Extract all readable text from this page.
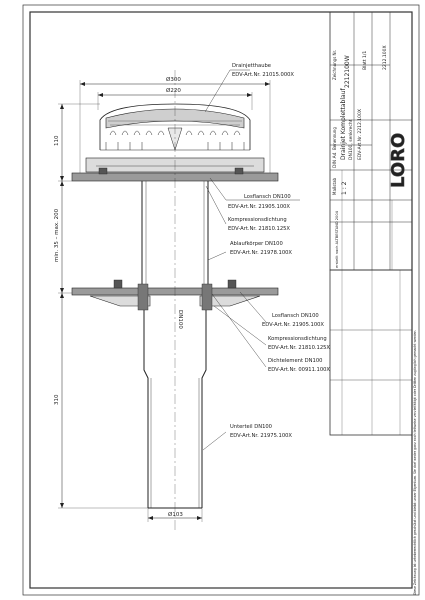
Diese Zeichnung ist urheberrechtlich geschützt und bleibt unser Eigentum. Sie darf weder ganz noch teilweise vervielfältigt oder Dritten zugänglich gemacht werden.
Zeichnungs Nr. 2212100W	Blatt 1/1	2212.100X
Benennung Drainjet Komplettablauf DN100, senkrecht EDV-Art.Nr. 2212.100X
Maßstab 1 : 2
DIN A4	LORO
erstellt nach ALTBESTAND 2004
Ø300
Ø220
110
min. 35 – max. 200
310
Ø103
DN100
Drainjetthaube
EDV-Art.Nr. 21015.000X
Losflansch DN100
EDV-Art.Nr. 21905.100X
Kompressionsdichtung
EDV-Art.Nr. 21810.125X
Ablaufkörper DN100
EDV-Art.Nr. 21978.100X
Losflansch DN100
EDV-Art.Nr. 21905.100X
Kompressionsdichtung
EDV-Art.Nr. 21810.125X
Dichtelement DN100
EDV-Art.Nr. 00911.100X
Unterteil DN100
EDV-Art.Nr. 21975.100X
